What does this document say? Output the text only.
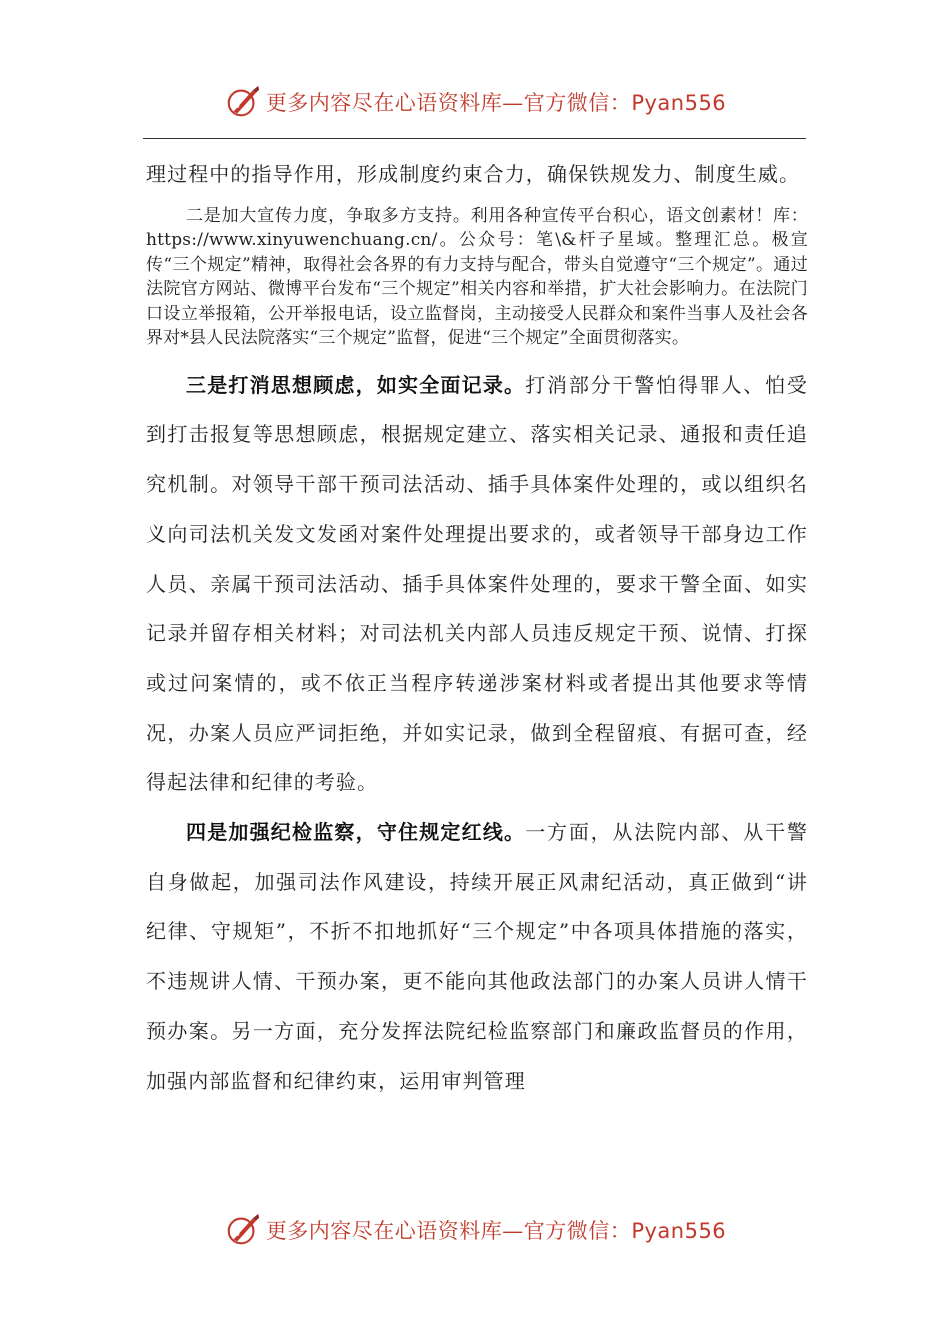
更多内容尽在心语资料库—官方微信：Pyan556

理过程中的指导作用，形成制度约束合力，确保铁规发力、制度生威。

二是加大宣传力度，争取多方支持。利用各种宣传平台积心，语文创素材！库：https://www.xinyuwenchuang.cn/。公众号：笔\&杆子星域。整理汇总。极宣传“三个规定”精神，取得社会各界的有力支持与配合，带头自觉遵守“三个规定”。通过法院官方网站、微博平台发布“三个规定”相关内容和举措，扩大社会影响力。在法院门口设立举报箱，公开举报电话，设立监督岗，主动接受人民群众和案件当事人及社会各界对*县人民法院落实“三个规定”监督，促进“三个规定”全面贯彻落实。

三是打消思想顾虑，如实全面记录。打消部分干警怕得罪人、怕受到打击报复等思想顾虑，根据规定建立、落实相关记录、通报和责任追究机制。对领导干部干预司法活动、插手具体案件处理的，或以组织名义向司法机关发文发函对案件处理提出要求的，或者领导干部身边工作人员、亲属干预司法活动、插手具体案件处理的，要求干警全面、如实记录并留存相关材料；对司法机关内部人员违反规定干预、说情、打探或过问案情的，或不依正当程序转递涉案材料或者提出其他要求等情况，办案人员应严词拒绝，并如实记录，做到全程留痕、有据可查，经得起法律和纪律的考验。

四是加强纪检监察，守住规定红线。一方面，从法院内部、从干警自身做起，加强司法作风建设，持续开展正风肃纪活动，真正做到“讲纪律、守规矩”，不折不扣地抓好“三个规定”中各项具体措施的落实，不违规讲人情、干预办案，更不能向其他政法部门的办案人员讲人情干预办案。另一方面，充分发挥法院纪检监察部门和廉政监督员的作用，加强内部监督和纪律约束，运用审判管理

更多内容尽在心语资料库—官方微信：Pyan556
